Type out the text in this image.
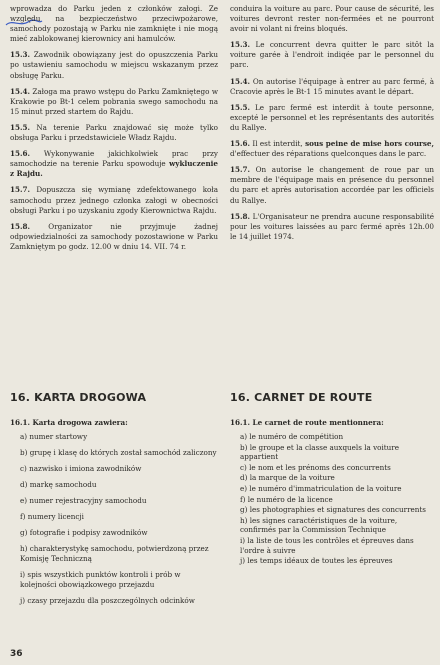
wprowadza do Parku jeden z członków załogi. Ze względu na bezpieczeństwo przeciwpożarowe, samochody pozostają w Parku nie zamknięte i nie mogą mieć zablokowanej kierownicy ani hamulców.

15.3. Zawodnik obowiązany jest do opuszczenia Parku po ustawieniu samochodu w miejscu wskazanym przez obsługę Parku.

15.4. Załoga ma prawo wstępu do Parku Zamkniętego w Krakowie po Bt-1 celem pobrania swego samochodu na 15 minut przed startem do Rajdu.

15.5. Na terenie Parku znajdować się może tylko obsługa Parku i przedstawiciele Władz Rajdu.

15.6. Wykonywanie jakichkolwiek prac przy samochodzie na terenie Parku spowoduje wykluczenie z Rajdu.

15.7. Dopuszcza się wymianę zdefektowanego koła samochodu przez jednego członka załogi w obecności obsługi Parku i po uzyskaniu zgody Kierownictwa Rajdu.

15.8.	Organizator nie przyjmuje żadnej odpowiedzialności za samochody pozostawione w Parku Zamkniętym po godz. 12.00 w dniu 14. VII. 74 r.

conduira la voiture au parc. Pour cause de sécurité, les voitures devront rester non-fermées et ne pourront avoir ni volant ni freins bloqués.

15.3. Le concurrent devra quitter le parc sitôt la voiture garée à l'endroit indiqée par le personnel du parc.

15.4. On autorise l'équipage à entrer au parc fermé, à Cracovie après le Bt-1 15 minutes avant le départ.

15.5. Le parc fermé est interdit à toute personne, excepté le personnel et les représentants des autorités du Rallye.

15.6. Il est interdit, sous peine de mise hors course, d'effectuer des réparations quelconques dans le parc.

15.7. On autorise le changement de roue par un membre de l'équipage mais en présence du personnel du parc et après autorisation accordée par les officiels du Rallye.

15.8. L'Organisateur ne prendra aucune responsabilité pour les voitures laissées au parc fermé après 12h.00 le 14 juillet 1974.

16. KARTA DROGOWA
16.1. Karta drogowa zawiera:
a) numer startowy
b) grupę i klasę do których został samochód zaliczony
c) nazwisko i imiona zawodników
d) markę samochodu
e) numer rejestracyjny samochodu
f) numery licencji
g) fotografie i podpisy zawodników
h) charakterystykę samochodu, potwierdzoną przez Komisję Techniczną
i) spis wszystkich punktów kontroli i prób w kolejności obowiązkowego przejazdu
j) czasy przejazdu dla poszczególnych odcinków
16. CARNET DE ROUTE
16.1. Le carnet de route mentionnera:
a) le numéro de compétition
b) le groupe et la classe auxquels la voiture appartient
c) le nom et les prénoms des concurrents
d) la marque de la voiture
e) le numéro d'immatriculation de la voiture
f) le numéro de la licence
g) les photographies et signatures des concurrents
h) les signes caractéristiques de la voiture, confirmés par la Commission Technique
i) la liste de tous les contrôles et épreuves dans l'ordre à suivre
j) les temps idéaux de toutes les épreuves
36
